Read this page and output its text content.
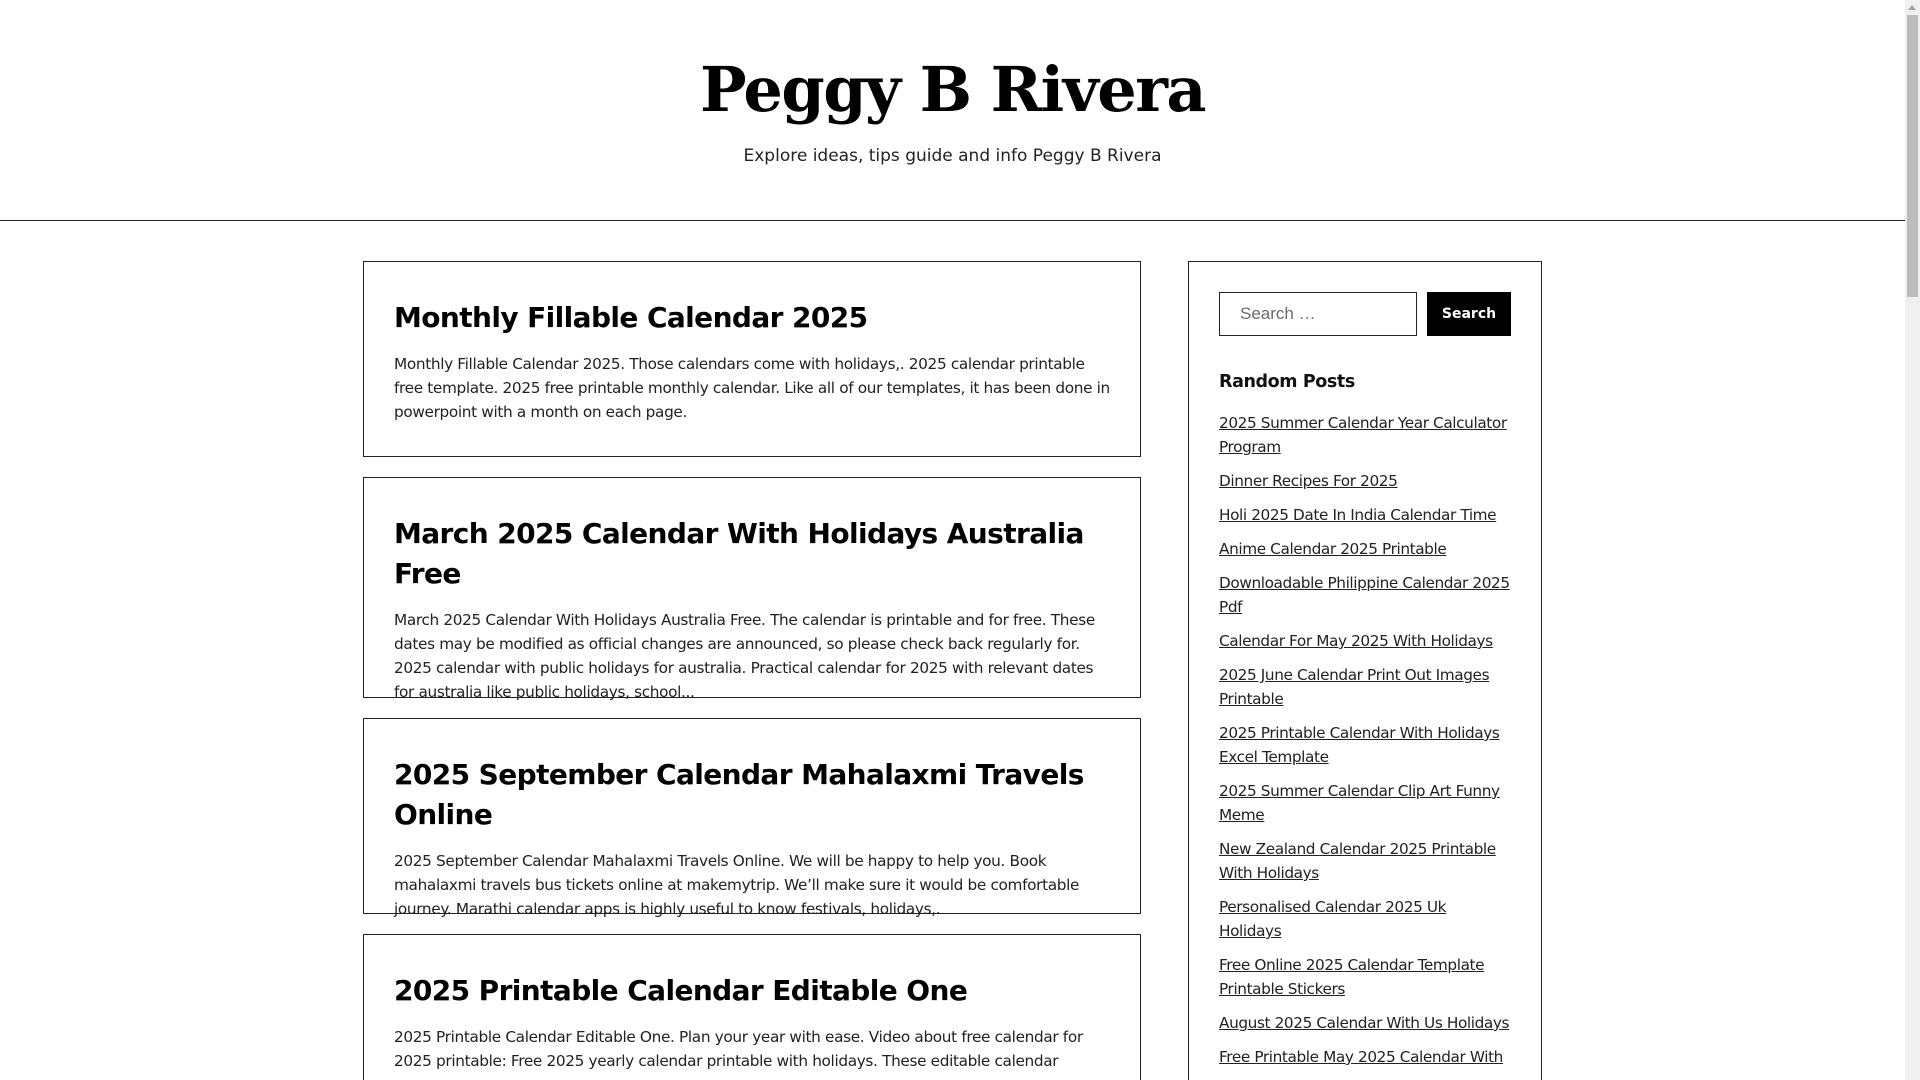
Peggy B Rivera

Explore ideas, tips guide and info Peggy B Rivera

Monthly Fillable Calendar 2025

Monthly Fillable Calendar 2025. Those calendars come with holidays,. 2025 calendar printable free template. 2025 free printable monthly calendar. Like all of our templates, it has been done in powerpoint with a month on each page.

March 2025 Calendar With Holidays Australia Free

March 2025 Calendar With Holidays Australia Free. The calendar is printable and for free. These dates may be modified as official changes are announced, so please check back regularly for. 2025 calendar with public holidays for australia. Practical calendar for 2025 with relevant dates for australia like public holidays, school...

2025 September Calendar Mahalaxmi Travels Online

2025 September Calendar Mahalaxmi Travels Online. We will be happy to help you. Book mahalaxmi travels bus tickets online at makemytrip. We’ll make sure it would be comfortable journey. Marathi calendar apps is highly useful to know festivals, holidays,.

2025 Printable Calendar Editable One

2025 Printable Calendar Editable One. Plan your year with ease. Video about free calendar for 2025 printable: Free 2025 yearly calendar printable with holidays. These editable calendar

Search …
Search
Random Posts
2025 Summer Calendar Year Calculator Program
Dinner Recipes For 2025
Holi 2025 Date In India Calendar Time
Anime Calendar 2025 Printable
Downloadable Philippine Calendar 2025 Pdf
Calendar For May 2025 With Holidays
2025 June Calendar Print Out Images Printable
2025 Printable Calendar With Holidays Excel Template
2025 Summer Calendar Clip Art Funny Meme
New Zealand Calendar 2025 Printable With Holidays
Personalised Calendar 2025 Uk Holidays
Free Online 2025 Calendar Template Printable Stickers
August 2025 Calendar With Us Holidays
Free Printable May 2025 Calendar With
